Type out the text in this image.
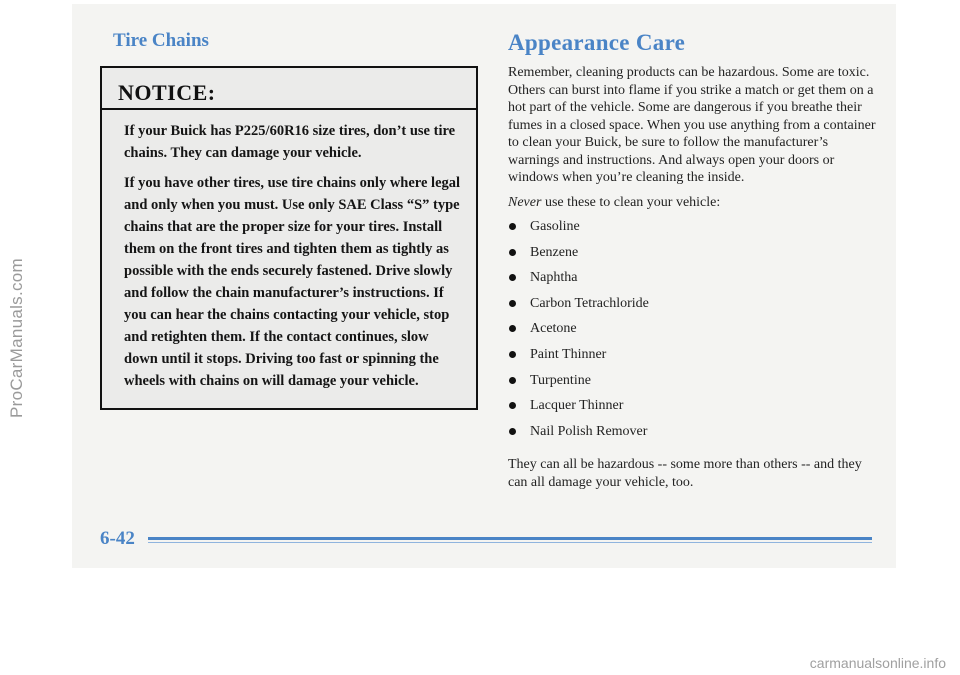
ProCarManuals.com
Tire Chains
NOTICE:

If your Buick has P225/60R16 size tires, don’t use tire chains. They can damage your vehicle.

If you have other tires, use tire chains only where legal and only when you must. Use only SAE Class “S” type chains that are the proper size for your tires. Install them on the front tires and tighten them as tightly as possible with the ends securely fastened. Drive slowly and follow the chain manufacturer’s instructions. If you can hear the chains contacting your vehicle, stop and retighten them. If the contact continues, slow down until it stops. Driving too fast or spinning the wheels with chains on will damage your vehicle.

Appearance Care

Remember, cleaning products can be hazardous. Some are toxic. Others can burst into flame if you strike a match or get them on a hot part of the vehicle. Some are dangerous if you breathe their fumes in a closed space. When you use anything from a container to clean your Buick, be sure to follow the manufacturer’s warnings and instructions. And always open your doors or windows when you’re cleaning the inside.

Never use these to clean your vehicle:

Gasoline
Benzene
Naphtha
Carbon Tetrachloride
Acetone
Paint Thinner
Turpentine
Lacquer Thinner
Nail Polish Remover

They can all be hazardous -- some more than others -- and they can all damage your vehicle, too.

6-42
carmanualsonline.info
